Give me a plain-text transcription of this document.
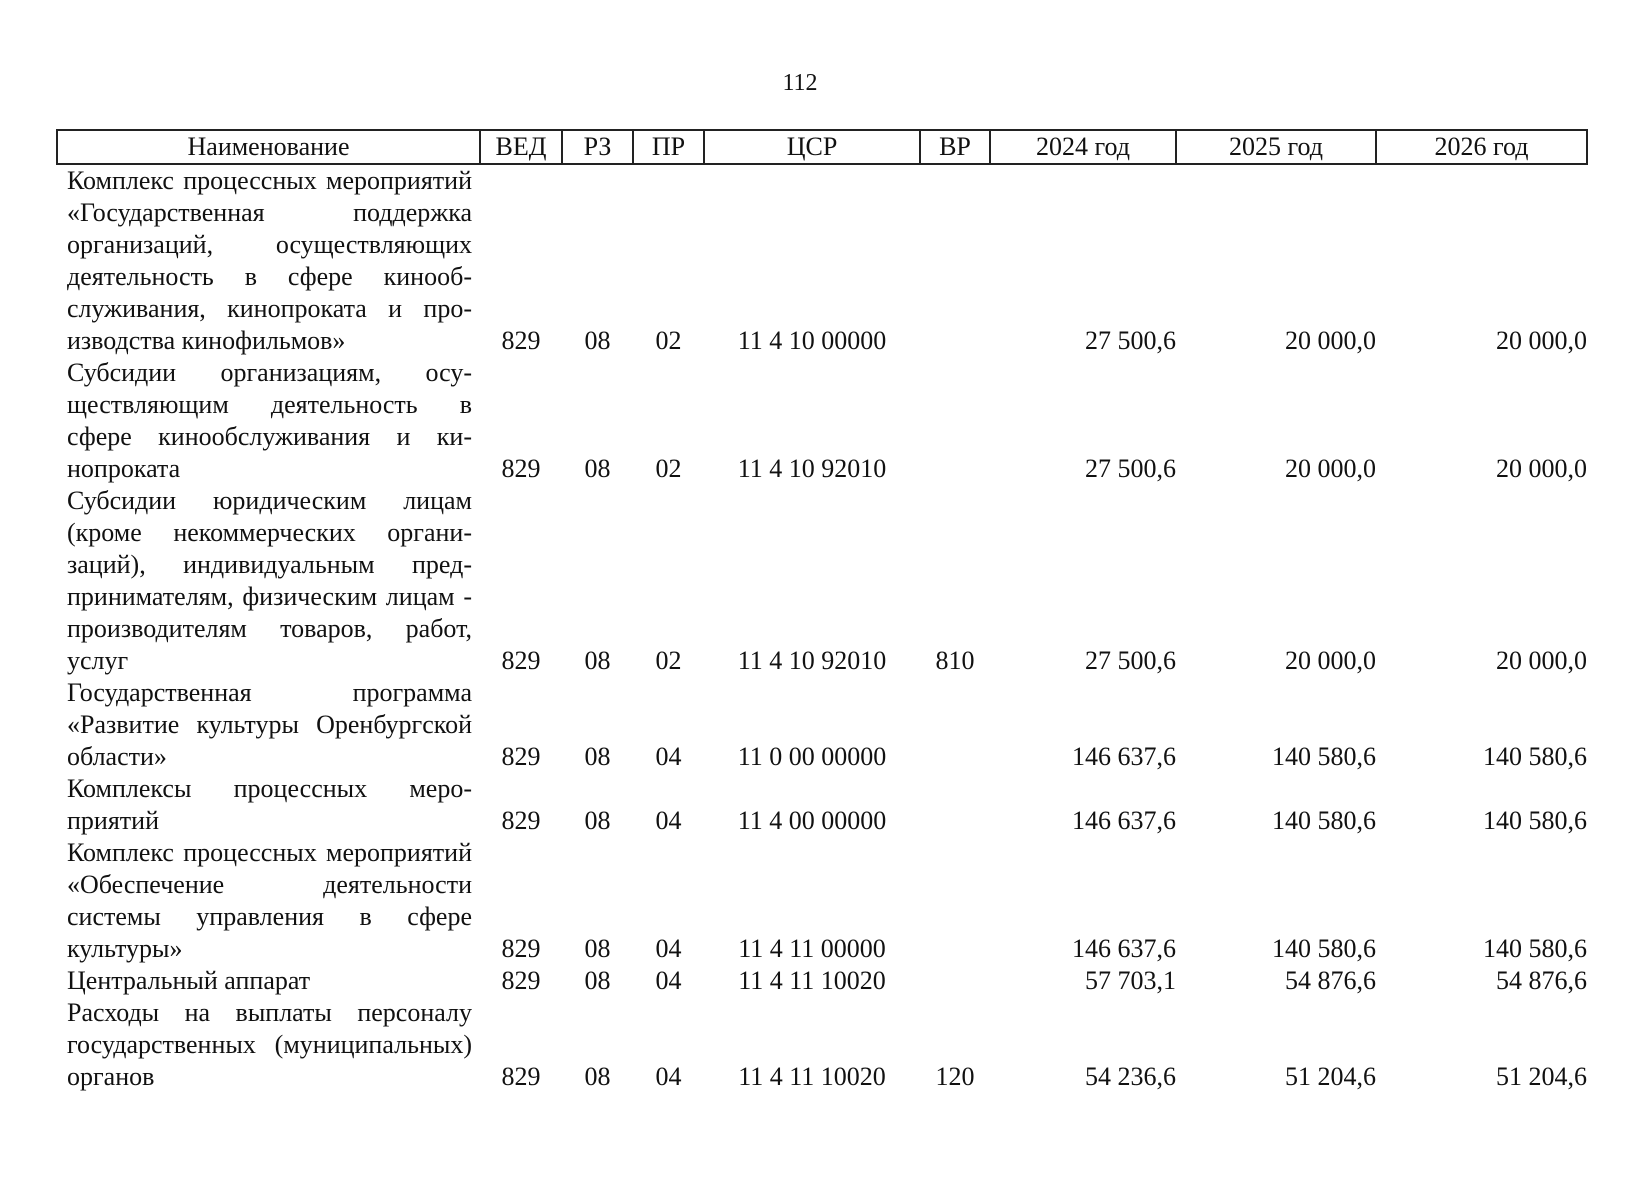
112
Наименование	ВЕД	РЗ	ПР	ЦСР	ВР	2024 год	2025 год	2026 год
Комплекс процессных мероприятий «Государственная поддержка организаций, осуществляющих деятельность в сфере кинообслуживания, кинопроката и производства кинофильмов»	829	08	02	11 4 10 00000		27 500,6	20 000,0	20 000,0
Субсидии организациям, осуществляющим деятельность в сфере кинообслуживания и кинопроката	829	08	02	11 4 10 92010		27 500,6	20 000,0	20 000,0
Субсидии юридическим лицам (кроме некоммерческих организаций), индивидуальным предпринимателям, физическим лицам - производителям товаров, работ, услуг	829	08	02	11 4 10 92010	810	27 500,6	20 000,0	20 000,0
Государственная программа «Развитие культуры Оренбургской области»	829	08	04	11 0 00 00000		146 637,6	140 580,6	140 580,6
Комплексы процессных мероприятий	829	08	04	11 4 00 00000		146 637,6	140 580,6	140 580,6
Комплекс процессных мероприятий «Обеспечение деятельности системы управления в сфере культуры»	829	08	04	11 4 11 00000		146 637,6	140 580,6	140 580,6
Центральный аппарат	829	08	04	11 4 11 10020		57 703,1	54 876,6	54 876,6
Расходы на выплаты персоналу государственных (муниципальных) органов	829	08	04	11 4 11 10020	120	54 236,6	51 204,6	51 204,6
